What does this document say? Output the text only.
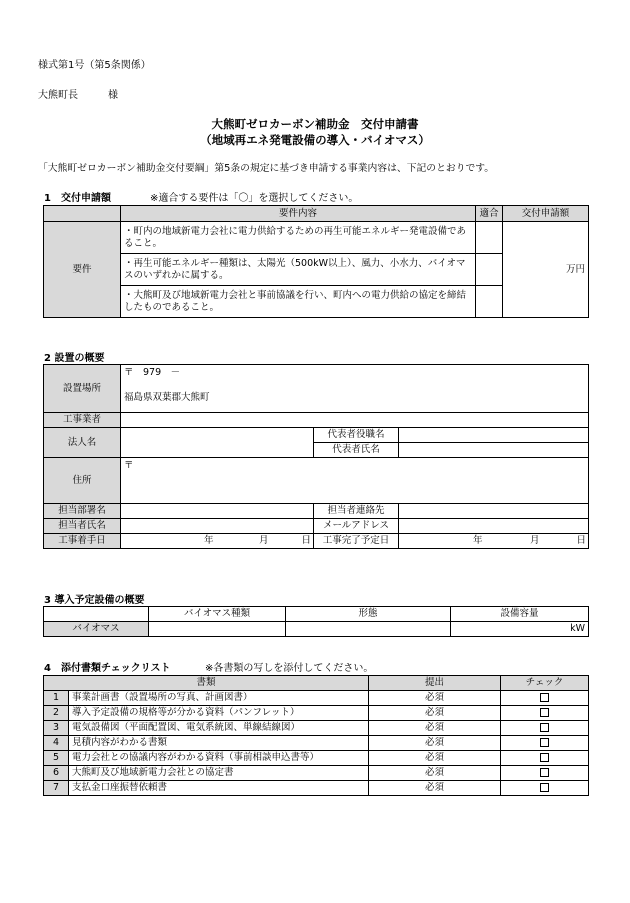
様式第1号（第5条関係）
大熊町長　　　様
大熊町ゼロカーボン補助金　交付申請書
（地域再エネ発電設備の導入・バイオマス）
「大熊町ゼロカーボン補助金交付要綱」第5条の規定に基づき申請する事業内容は、下記のとおりです。
1　交付申請額	※適合する要件は「〇」を選択してください。
	要件内容	適合	交付申請額
要件	・町内の地域新電力会社に電力供給するための再生可能エネルギー発電設備であること。		万円
	・再生可能エネルギー種類は、太陽光（500kW以上）、風力、小水力、バイオマスのいずれかに属する。		
	・大熊町及び地域新電力会社と事前協議を行い、町内への電力供給の協定を締結したものであること。		
2 設置の概要
設置場所	〒　979　－
福島県双葉郡大熊町		

工事業者			
法人名		代表者役職名	
		代表者氏名	
住所	〒		

担当部署名		担当者連絡先	
担当者氏名		メールアドレス	
工事着手日	年 月 日	工事完了予定日	年 月 日
3 導入予定設備の概要
	バイオマス種類	形態	設備容量
バイオマス			kW
4　添付書類チェックリスト	※各書類の写しを添付してください。
書類		提出	チェック
1	事業計画書（設置場所の写真、計画図書）	必須	
2	導入予定設備の規格等が分かる資料（パンフレット）	必須	
3	電気設備図（平面配置図、電気系統図、単線結線図）	必須	
4	見積内容がわかる書類	必須	
5	電力会社との協議内容がわかる資料（事前相談申込書等）	必須	
6	大熊町及び地域新電力会社との協定書	必須	
7	支払金口座振替依頼書	必須	
